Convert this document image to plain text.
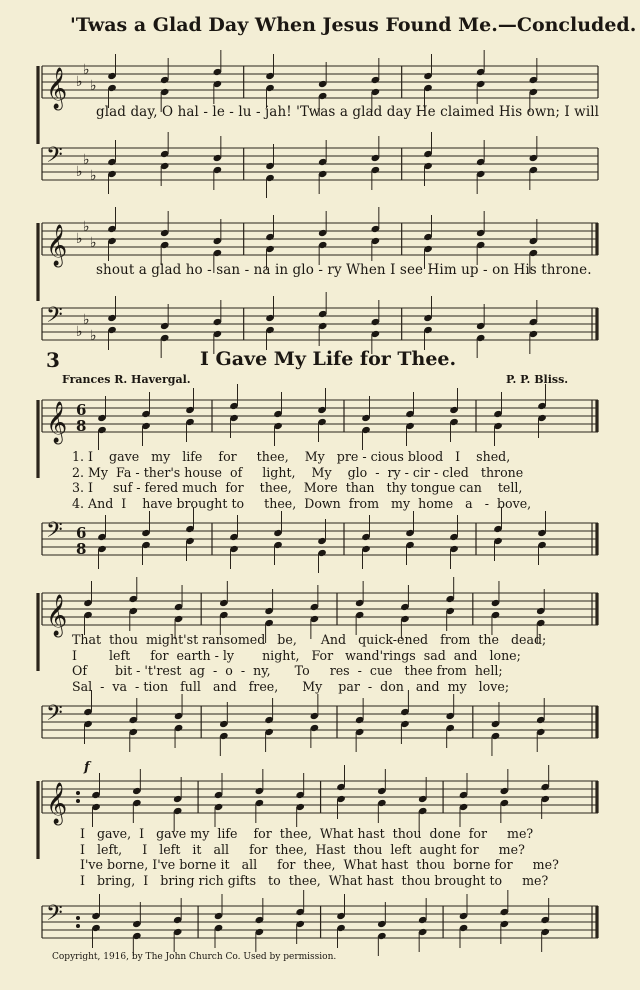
'Twas a Glad Day When Jesus Found Me.—Concluded.
𝄞 ♭
♭
♭
glad day, O hal - le - lu - jah! 'Twas a glad day He claimed His own; I will
𝄢 ♭
♭
♭
𝄞 ♭
♭
♭
shout a glad ho - san - na in glo - ry When I see Him up - on His throne.
𝄢 ♭
♭
♭
3	I Gave My Life for Thee.
Frances R. Havergal.	P. P. Bliss.
𝄞 6
8
1. I    gave   my   life    for     thee,    My   pre - cious blood   I    shed,
2. My  Fa - ther's house  of     light,    My    glo  -  ry - cir - cled   throne
3. I     suf - fered much  for    thee,   More  than   thy tongue can    tell,
4. And  I    have brought to     thee,  Down  from   my  home   a   -  bove,
𝄢 6
8
𝄞
That  thou  might'st ransomed   be,      And   quick-ened   from  the   dead;
I        left     for  earth - ly       night,   For   wand'rings  sad  and   lone;
Of       bit - 't'rest  ag  -  o  -  ny,      To     res  -  cue   thee from  hell;
Sal  -  va  - tion   full   and   free,      My    par  -  don   and  my   love;
𝄢
f
𝄞
I   gave,  I   gave my  life    for  thee,  What hast  thou  done  for     me?
I   left,     I   left   it   all     for  thee,  Hast  thou  left  aught for     me?
I've borne, I've borne it   all     for  thee,  What hast  thou  borne for     me?
I   bring,  I   bring rich gifts   to  thee,  What hast  thou brought to     me?
𝄢
Copyright, 1916, by The John Church Co. Used by permission.
